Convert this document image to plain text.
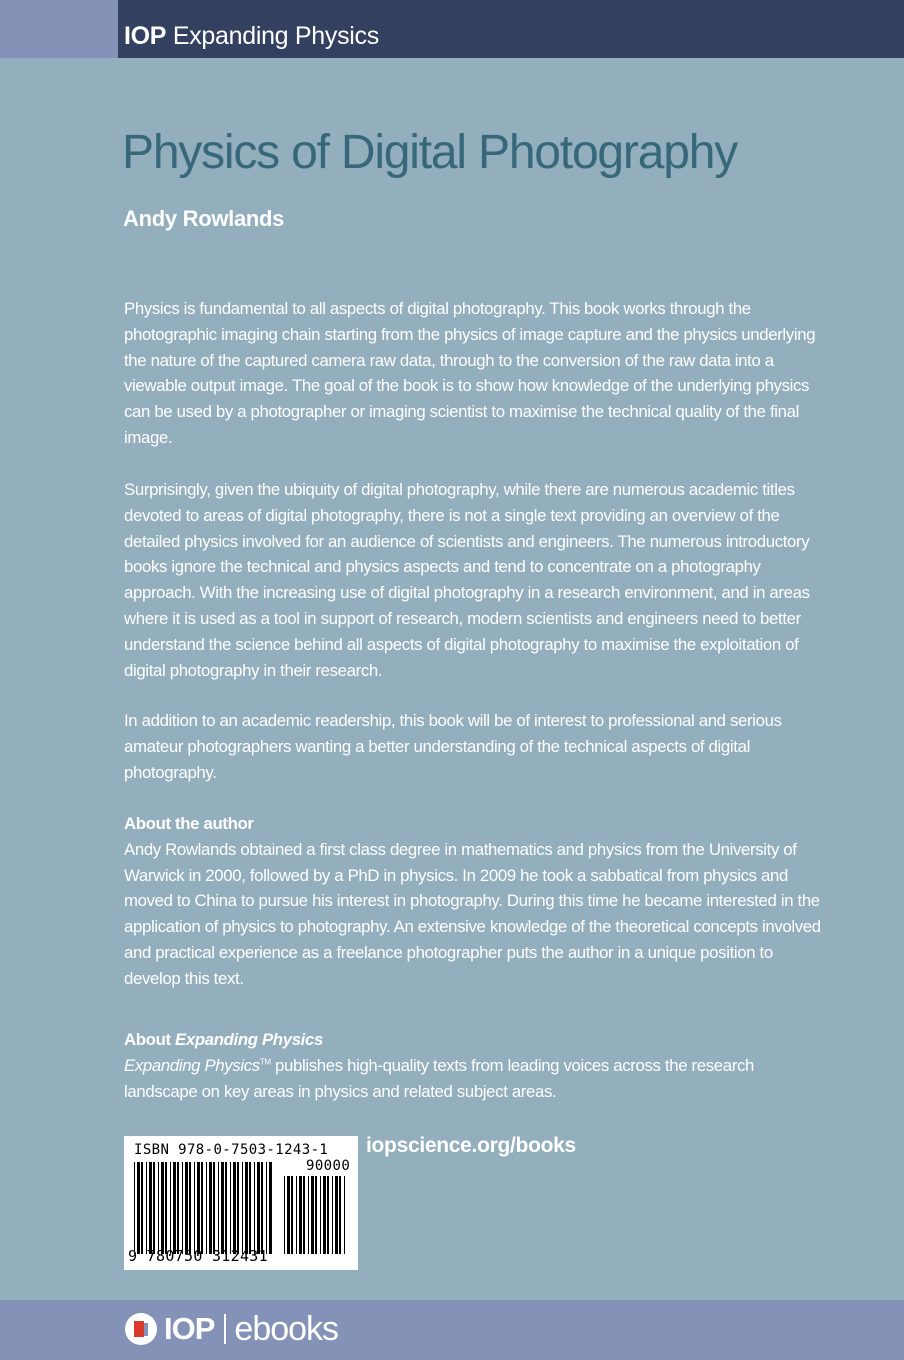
IOP Expanding Physics
Physics of Digital Photography
Andy Rowlands

Physics is fundamental to all aspects of digital photography. This book works through the photographic imaging chain starting from the physics of image capture and the physics underlying the nature of the captured camera raw data, through to the conversion of the raw data into a viewable output image. The goal of the book is to show how knowledge of the underlying physics can be used by a photographer or imaging scientist to maximise the technical quality of the final image.

Surprisingly, given the ubiquity of digital photography, while there are numerous academic titles devoted to areas of digital photography, there is not a single text providing an overview of the detailed physics involved for an audience of scientists and engineers. The numerous introductory books ignore the technical and physics aspects and tend to concentrate on a photography approach. With the increasing use of digital photography in a research environment, and in areas where it is used as a tool in support of research, modern scientists and engineers need to better understand the science behind all aspects of digital photography to maximise the exploitation of digital photography in their research.

In addition to an academic readership, this book will be of interest to professional and serious amateur photographers wanting a better understanding of the technical aspects of digital photography.

About the author
Andy Rowlands obtained a first class degree in mathematics and physics from the University of Warwick in 2000, followed by a PhD in physics. In 2009 he took a sabbatical from physics and moved to China to pursue his interest in photography. During this time he became interested in the application of physics to photography. An extensive knowledge of the theoretical concepts involved and practical experience as a freelance photographer puts the author in a unique position to develop this text.
About Expanding Physics
Expanding Physics™ publishes high-quality texts from leading voices across the research landscape on key areas in physics and related subject areas.
ISBN 978-0-7503-1243-1
90000
9 780750 312431
iopscience.org/books
IOP ebooks
